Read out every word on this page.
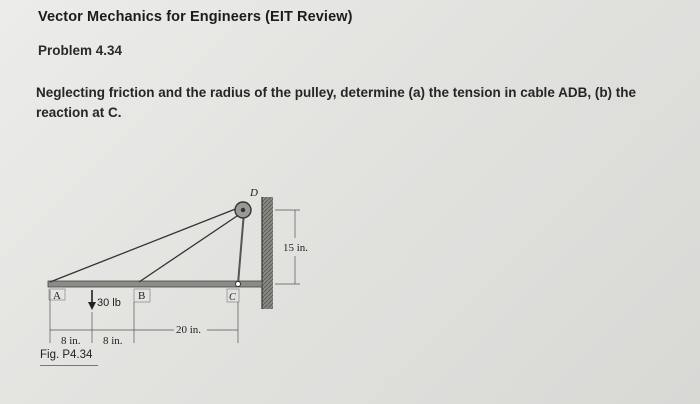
Vector Mechanics for Engineers (EIT Review)
Problem 4.34
Neglecting friction and the radius of the pulley, determine (a) the tension in cable ADB, (b) the reaction at C.
A	B	C
D
30 lb
8 in. 8 in.
20 in.
15 in.
Fig. P4.34
